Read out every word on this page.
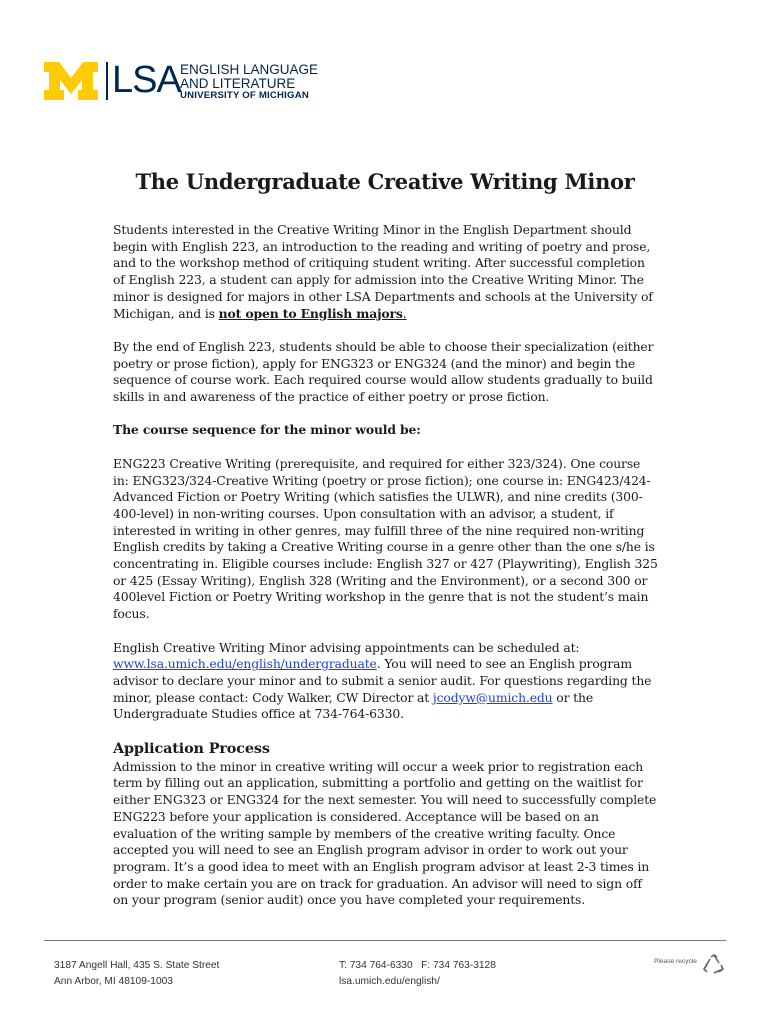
LSA ENGLISH LANGUAGE
AND LITERATURE
UNIVERSITY OF MICHIGAN
The Undergraduate Creative Writing Minor

Students interested in the Creative Writing Minor in the English Department should begin with English 223, an introduction to the reading and writing of poetry and prose, and to the workshop method of critiquing student writing. After successful completion of English 223, a student can apply for admission into the Creative Writing Minor. The minor is designed for majors in other LSA Departments and schools at the University of Michigan, and is not open to English majors.

By the end of English 223, students should be able to choose their specialization (either poetry or prose fiction), apply for ENG323 or ENG324 (and the minor) and begin the sequence of course work. Each required course would allow students gradually to build skills in and awareness of the practice of either poetry or prose fiction.

The course sequence for the minor would be:

ENG223 Creative Writing (prerequisite, and required for either 323/324). One course in: ENG323/324-Creative Writing (poetry or prose fiction); one course in: ENG423/424-Advanced Fiction or Poetry Writing (which satisfies the ULWR), and nine credits (300- 400-level) in non-writing courses. Upon consultation with an advisor, a student, if interested in writing in other genres, may fulfill three of the nine required non-writing English credits by taking a Creative Writing course in a genre other than the one s/he is concentrating in. Eligible courses include: English 327 or 427 (Playwriting), English 325 or 425 (Essay Writing), English 328 (Writing and the Environment), or a second 300 or 400level Fiction or Poetry Writing workshop in the genre that is not the student’s main focus.

English Creative Writing Minor advising appointments can be scheduled at: www.lsa.umich.edu/english/undergraduate. You will need to see an English program advisor to declare your minor and to submit a senior audit. For questions regarding the minor, please contact: Cody Walker, CW Director at jcodyw@umich.edu or the Undergraduate Studies office at 734-764-6330.

Application Process

Admission to the minor in creative writing will occur a week prior to registration each term by filling out an application, submitting a portfolio and getting on the waitlist for either ENG323 or ENG324 for the next semester. You will need to successfully complete ENG223 before your application is considered. Acceptance will be based on an evaluation of the writing sample by members of the creative writing faculty. Once accepted you will need to see an English program advisor in order to work out your program. It’s a good idea to meet with an English program advisor at least 2-3 times in order to make certain you are on track for graduation. An advisor will need to sign off on your program (senior audit) once you have completed your requirements.

3187 Angell Hall, 435 S. State Street
Ann Arbor, MI 48109-1003
T: 734 764-6330   F: 734 763-3128
lsa.umich.edu/english/
Please recycle
